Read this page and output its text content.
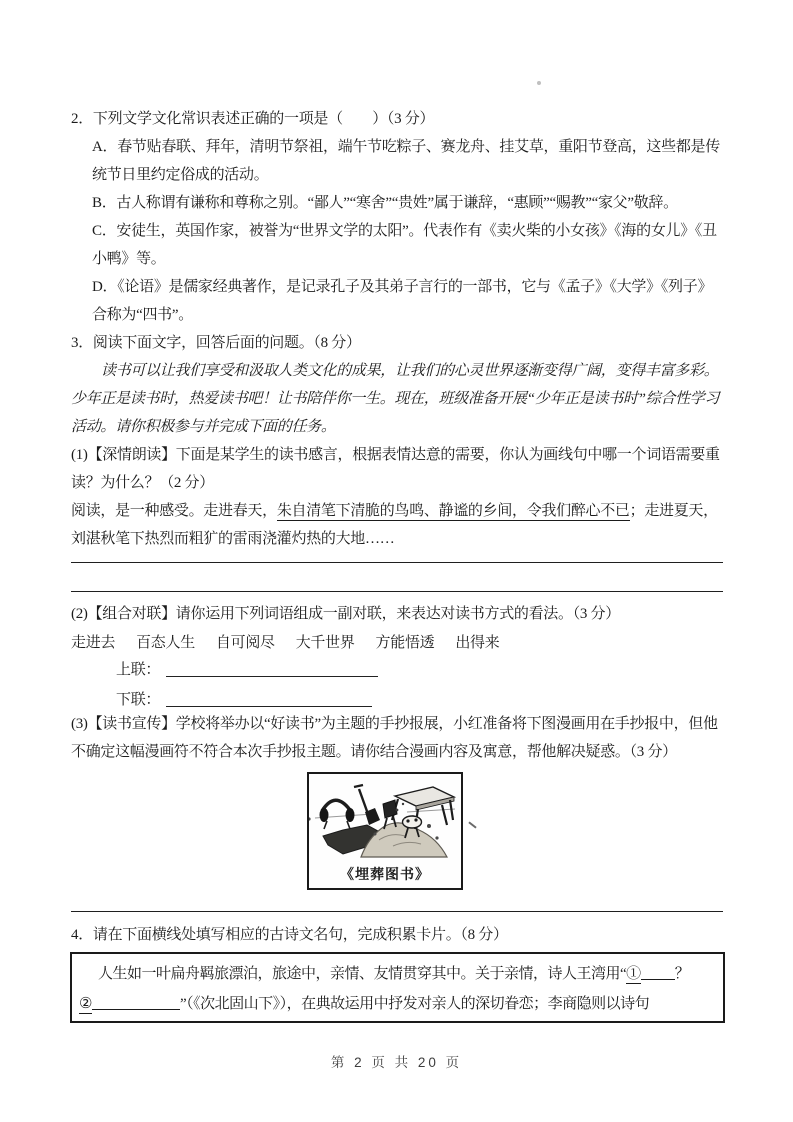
2．下列文学文化常识表述正确的一项是（　　）（3 分）
A．春节贴春联、拜年，清明节祭祖，端午节吃粽子、赛龙舟、挂艾草，重阳节登高，这些都是传统节日里约定俗成的活动。
B．古人称谓有谦称和尊称之别。“鄙人”“寒舍”“贵姓”属于谦辞，“惠顾”“赐教”“家父”敬辞。
C．安徒生，英国作家，被誉为“世界文学的太阳”。代表作有《卖火柴的小女孩》《海的女儿》《丑小鸭》等。
D．《论语》是儒家经典著作，是记录孔子及其弟子言行的一部书，它与《孟子》《大学》《列子》合称为“四书”。
3．阅读下面文字，回答后面的问题。（8 分）
读书可以让我们享受和汲取人类文化的成果，让我们的心灵世界逐渐变得广阔，变得丰富多彩。少年正是读书时，热爱读书吧！让书陪伴你一生。现在，班级准备开展“少年正是读书时”综合性学习活动。请你积极参与并完成下面的任务。
(1)【深情朗读】下面是某学生的读书感言，根据表情达意的需要，你认为画线句中哪一个词语需要重读？为什么？（2 分）
阅读，是一种感受。走进春天，朱自清笔下清脆的鸟鸣、静谧的乡间，令我们醉心不已；走进夏天，刘湛秋笔下热烈而粗犷的雷雨浇灌灼热的大地……
(2)【组合对联】请你运用下列词语组成一副对联，来表达对读书方式的看法。（3 分）
走进去 百态人生 自可阅尽 大千世界 方能悟透 出得来
上联：
下联：
(3)【读书宣传】学校将举办以“好读书”为主题的手抄报展，小红准备将下图漫画用在手抄报中，但他不确定这幅漫画符不符合本次手抄报主题。请你结合漫画内容及寓意，帮他解决疑惑。（3 分）
《埋葬图书》
4．请在下面横线处填写相应的古诗文名句，完成积累卡片。（8 分）
人生如一叶扁舟羁旅漂泊，旅途中，亲情、友情贯穿其中。关于亲情，诗人王湾用“① ？
②	”（《次北固山下》），在典故运用中抒发对亲人的深切眷恋；李商隐则以诗句
第 2 页 共 20 页
